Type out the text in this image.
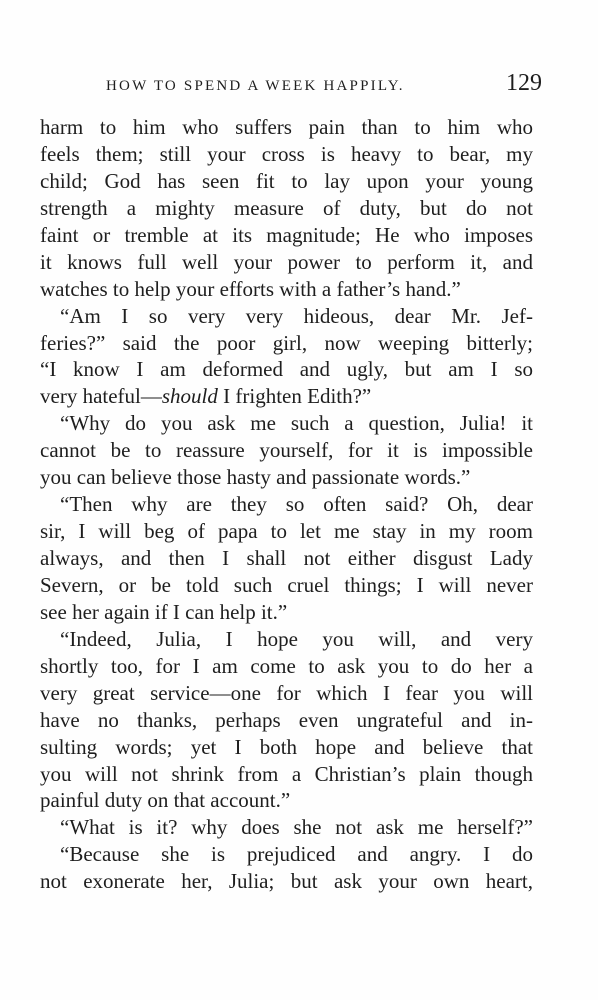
HOW TO SPEND A WEEK HAPPILY.	129
harm to him who suffers pain than to him who
feels them; still your cross is heavy to bear, my
child; God has seen fit to lay upon your young
strength a mighty measure of duty, but do not
faint or tremble at its magnitude; He who imposes
it knows full well your power to perform it, and
watches to help your efforts with a father’s hand.”
“Am I so very very hideous, dear Mr. Jef-
feries?” said the poor girl, now weeping bitterly;
“I know I am deformed and ugly, but am I so
very hateful—should I frighten Edith?”
“Why do you ask me such a question, Julia! it
cannot be to reassure yourself, for it is impossible
you can believe those hasty and passionate words.”
“Then why are they so often said? Oh, dear
sir, I will beg of papa to let me stay in my room
always, and then I shall not either disgust Lady
Severn, or be told such cruel things; I will never
see her again if I can help it.”
“Indeed, Julia, I hope you will, and very
shortly too, for I am come to ask you to do her a
very great service—one for which I fear you will
have no thanks, perhaps even ungrateful and in-
sulting words; yet I both hope and believe that
you will not shrink from a Christian’s plain though
painful duty on that account.”
“What is it? why does she not ask me herself?”
“Because she is prejudiced and angry. I do
not exonerate her, Julia; but ask your own heart,
